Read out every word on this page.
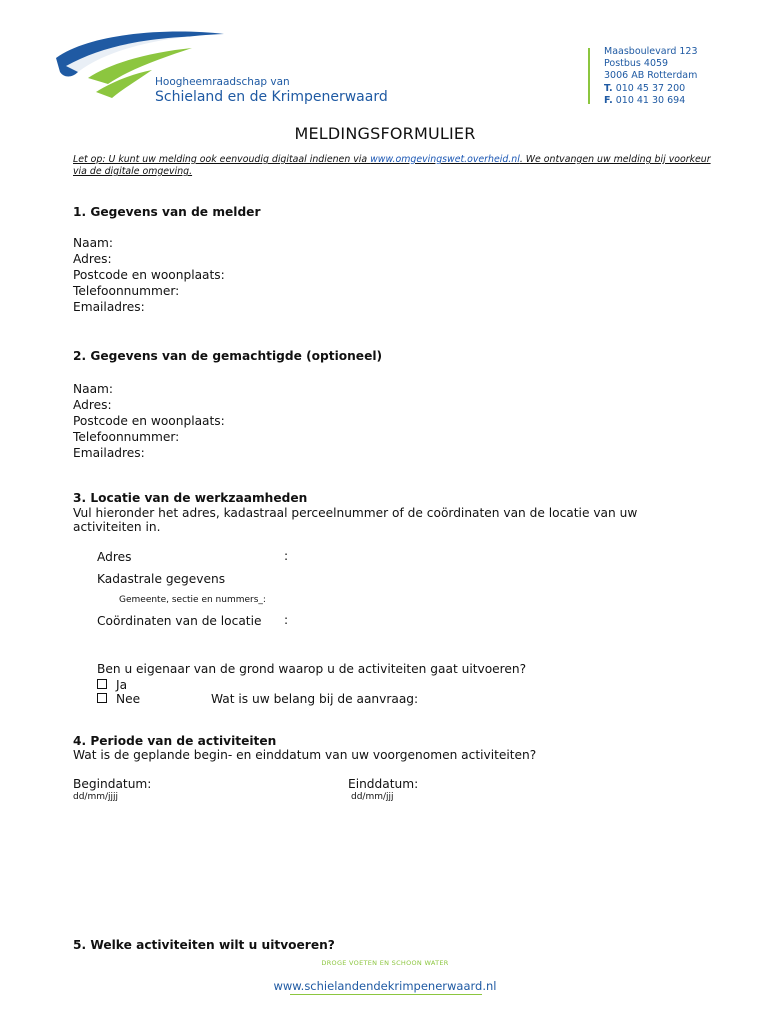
Hoogheemraadschap van
Schieland en de Krimpenerwaard
Maasboulevard 123
Postbus 4059
3006 AB Rotterdam
T. 010 45 37 200
F. 010 41 30 694
MELDINGSFORMULIER
Let op: U kunt uw melding ook eenvoudig digitaal indienen via www.omgevingswet.overheid.nl. We ontvangen uw melding bij voorkeur via de digitale omgeving.
1. Gegevens van de melder
Naam:
Adres:
Postcode en woonplaats:
Telefoonnummer:
Emailadres:
2. Gegevens van de gemachtigde (optioneel)
Naam:
Adres:
Postcode en woonplaats:
Telefoonnummer:
Emailadres:
3. Locatie van de werkzaamheden
Vul hieronder het adres, kadastraal perceelnummer of de coördinaten van de locatie van uw
activiteiten in.
Adres	:
Kadastrale gegevens
Gemeente, sectie en nummers_:
Coördinaten van de locatie :
Ben u eigenaar van de grond waarop u de activiteiten gaat uitvoeren?
Ja
Nee	Wat is uw belang bij de aanvraag:
4. Periode van de activiteiten
Wat is de geplande begin- en einddatum van uw voorgenomen activiteiten?
Begindatum:
dd/mm/jjjj
Einddatum:
dd/mm/jjj
5. Welke activiteiten wilt u uitvoeren?
DROGE VOETEN EN SCHOON WATER
www.schielandendekrimpenerwaard.nl
